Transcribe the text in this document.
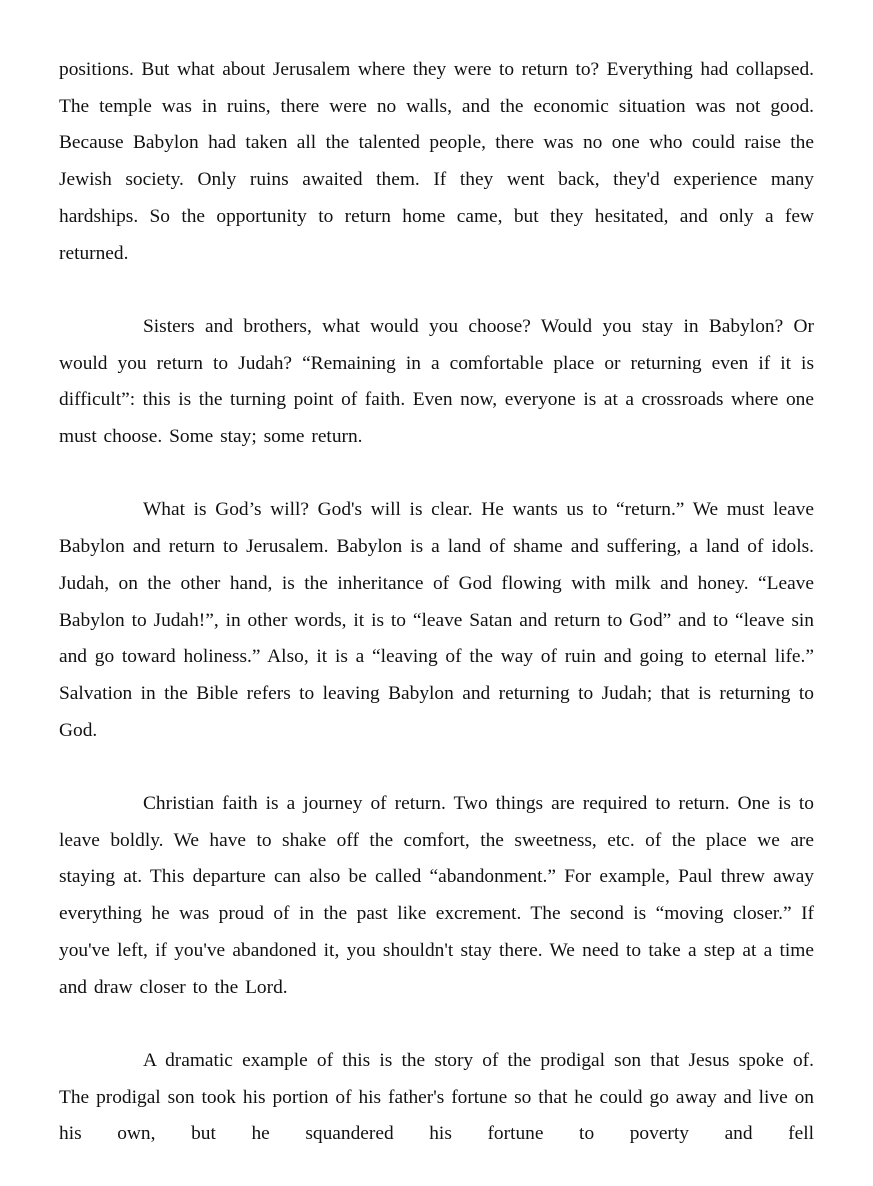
positions. But what about Jerusalem where they were to return to? Everything had collapsed. The temple was in ruins, there were no walls, and the economic situation was not good. Because Babylon had taken all the talented people, there was no one who could raise the Jewish society. Only ruins awaited them. If they went back, they'd experience many hardships. So the opportunity to return home came, but they hesitated, and only a few returned.

Sisters and brothers, what would you choose? Would you stay in Babylon? Or would you return to Judah? “Remaining in a comfortable place or returning even if it is difficult”: this is the turning point of faith. Even now, everyone is at a crossroads where one must choose. Some stay; some return.

What is God’s will? God's will is clear. He wants us to “return.” We must leave Babylon and return to Jerusalem. Babylon is a land of shame and suffering, a land of idols. Judah, on the other hand, is the inheritance of God flowing with milk and honey. “Leave Babylon to Judah!”, in other words, it is to “leave Satan and return to God” and to “leave sin and go toward holiness.” Also, it is a “leaving of the way of ruin and going to eternal life.” Salvation in the Bible refers to leaving Babylon and returning to Judah; that is returning to God.

Christian faith is a journey of return. Two things are required to return. One is to leave boldly. We have to shake off the comfort, the sweetness, etc. of the place we are staying at. This departure can also be called “abandonment.” For example, Paul threw away everything he was proud of in the past like excrement. The second is “moving closer.” If you've left, if you've abandoned it, you shouldn't stay there. We need to take a step at a time and draw closer to the Lord.

A dramatic example of this is the story of the prodigal son that Jesus spoke of. The prodigal son took his portion of his father's fortune so that he could go away and live on his own, but he squandered his fortune to poverty and fell
